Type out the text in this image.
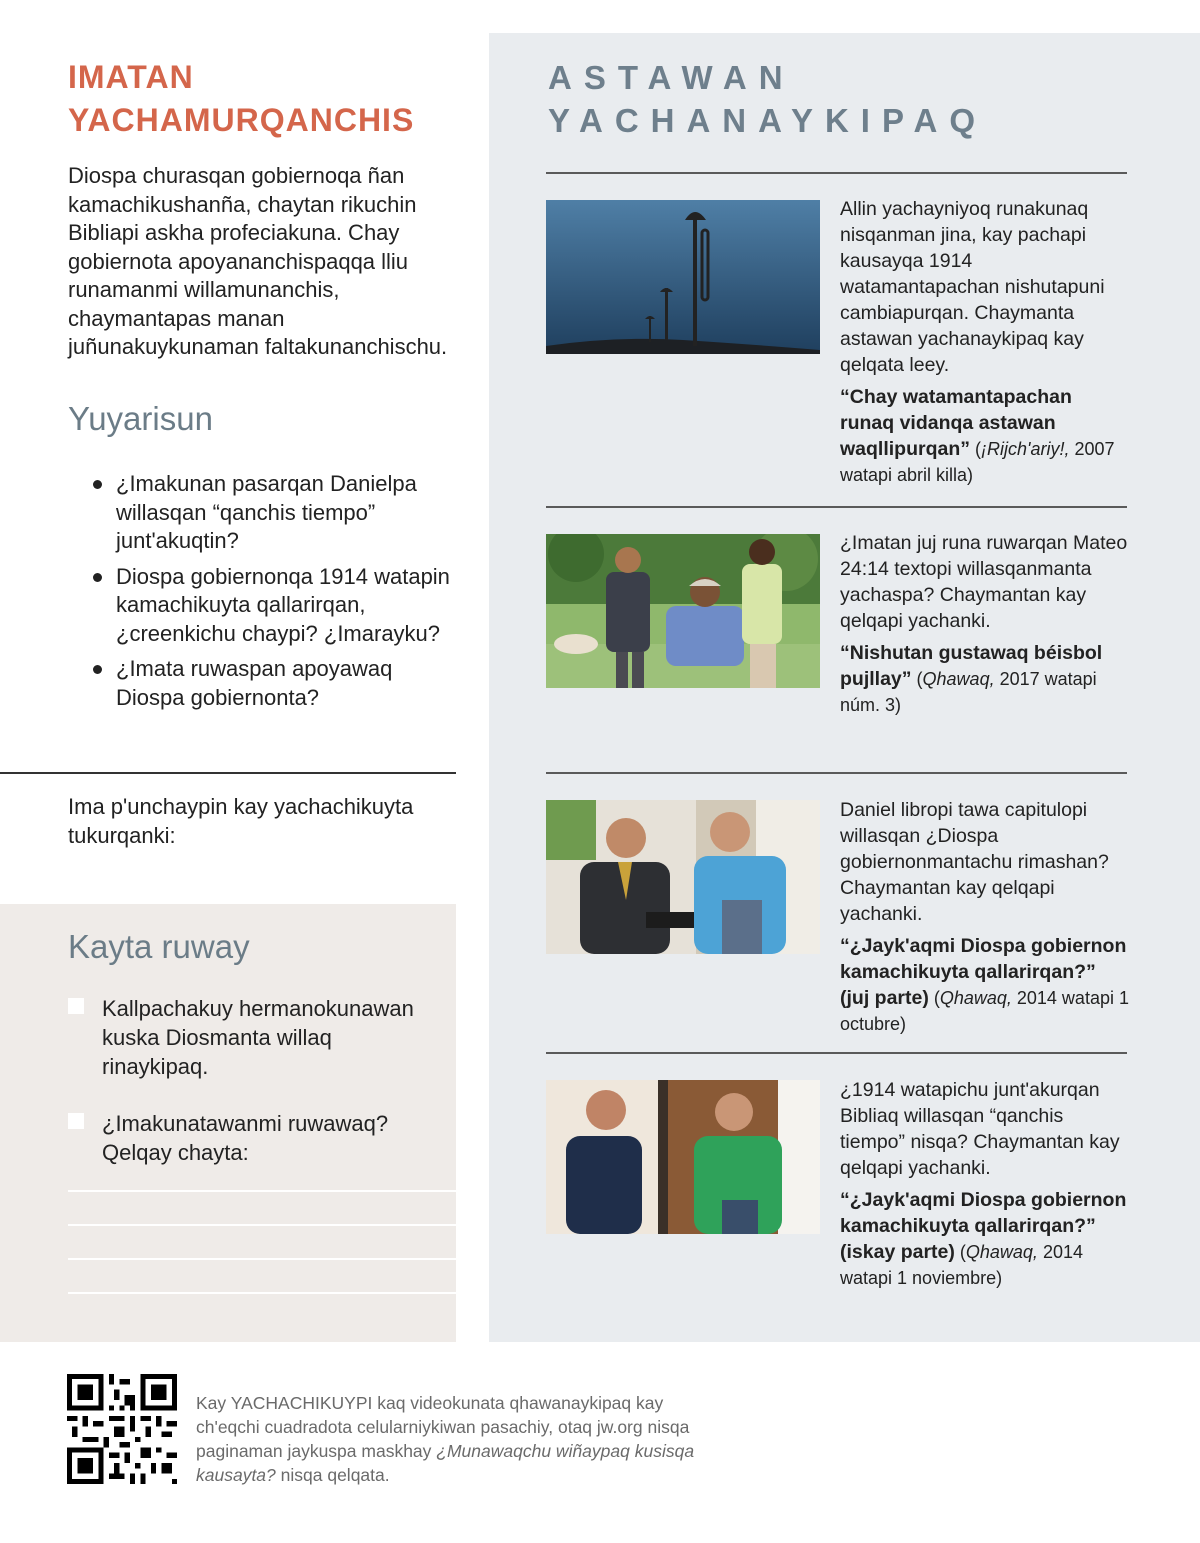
IMATAN
YACHAMURQANCHIS

Diospa churasqan gobiernoqa ñan kamachikushanña, chaytan rikuchin Bibliapi askha profeciakuna. Chay gobiernota apoyananchispaqqa lliu runamanmi willamunanchis, chaymantapas manan juñunakuykunaman faltakunanchischu.

Yuyarisun
¿Imakunan pasarqan Danielpa willasqan “qanchis tiempo” junt'akuqtin?
Diospa gobiernonqa 1914 watapin kamachikuyta qallarirqan, ¿creenkichu chaypi? ¿Imarayku?
¿Imata ruwaspan apoyawaq Diospa gobiernonta?

Ima p'unchaypin kay yachachikuyta tukurqanki:

Kayta ruway
Kallpachakuy hermanokunawan kuska Diosmanta willaq rinaykipaq.
¿Imakunatawanmi ruwawaq? Qelqay chayta:
ASTAWAN
YACHANAYKIPAQ
Allin yachayniyoq runakunaq nisqanman jina, kay pachapi kausayqa 1914 watamantapachan nishutapuni cambiapurqan. Chaymanta astawan yachanaykipaq kay qelqata leey.
“Chay watamantapachan runaq vidanqa astawan waqllipurqan” (¡Rijch'ariy!, 2007 watapi abril killa)
¿Imatan juj runa ruwarqan Mateo 24:14 textopi willasqanmanta yachaspa? Chaymantan kay qelqapi yachanki.
“Nishutan gustawaq béisbol pujllay” (Qhawaq, 2017 watapi núm. 3)
Daniel libropi tawa capitulopi willasqan ¿Diospa gobiernonmantachu rimashan? Chaymantan kay qelqapi yachanki.
“¿Jayk'aqmi Diospa gobiernon kamachikuyta qallarirqan?” (juj parte) (Qhawaq, 2014 watapi 1 octubre)
¿1914 watapichu junt'akurqan Bibliaq willasqan “qanchis tiempo” nisqa? Chaymantan kay qelqapi yachanki.
“¿Jayk'aqmi Diospa gobiernon kamachikuyta qallarirqan?” (iskay parte) (Qhawaq, 2014 watapi 1 noviembre)

Kay YACHACHIKUYPI kaq videokunata qhawanaykipaq kay ch'eqchi cuadradota celularniykiwan pasachiy, otaq jw.org nisqa paginaman jaykuspa maskhay ¿Munawaqchu wiñaypaq kusisqa kausayta? nisqa qelqata.
